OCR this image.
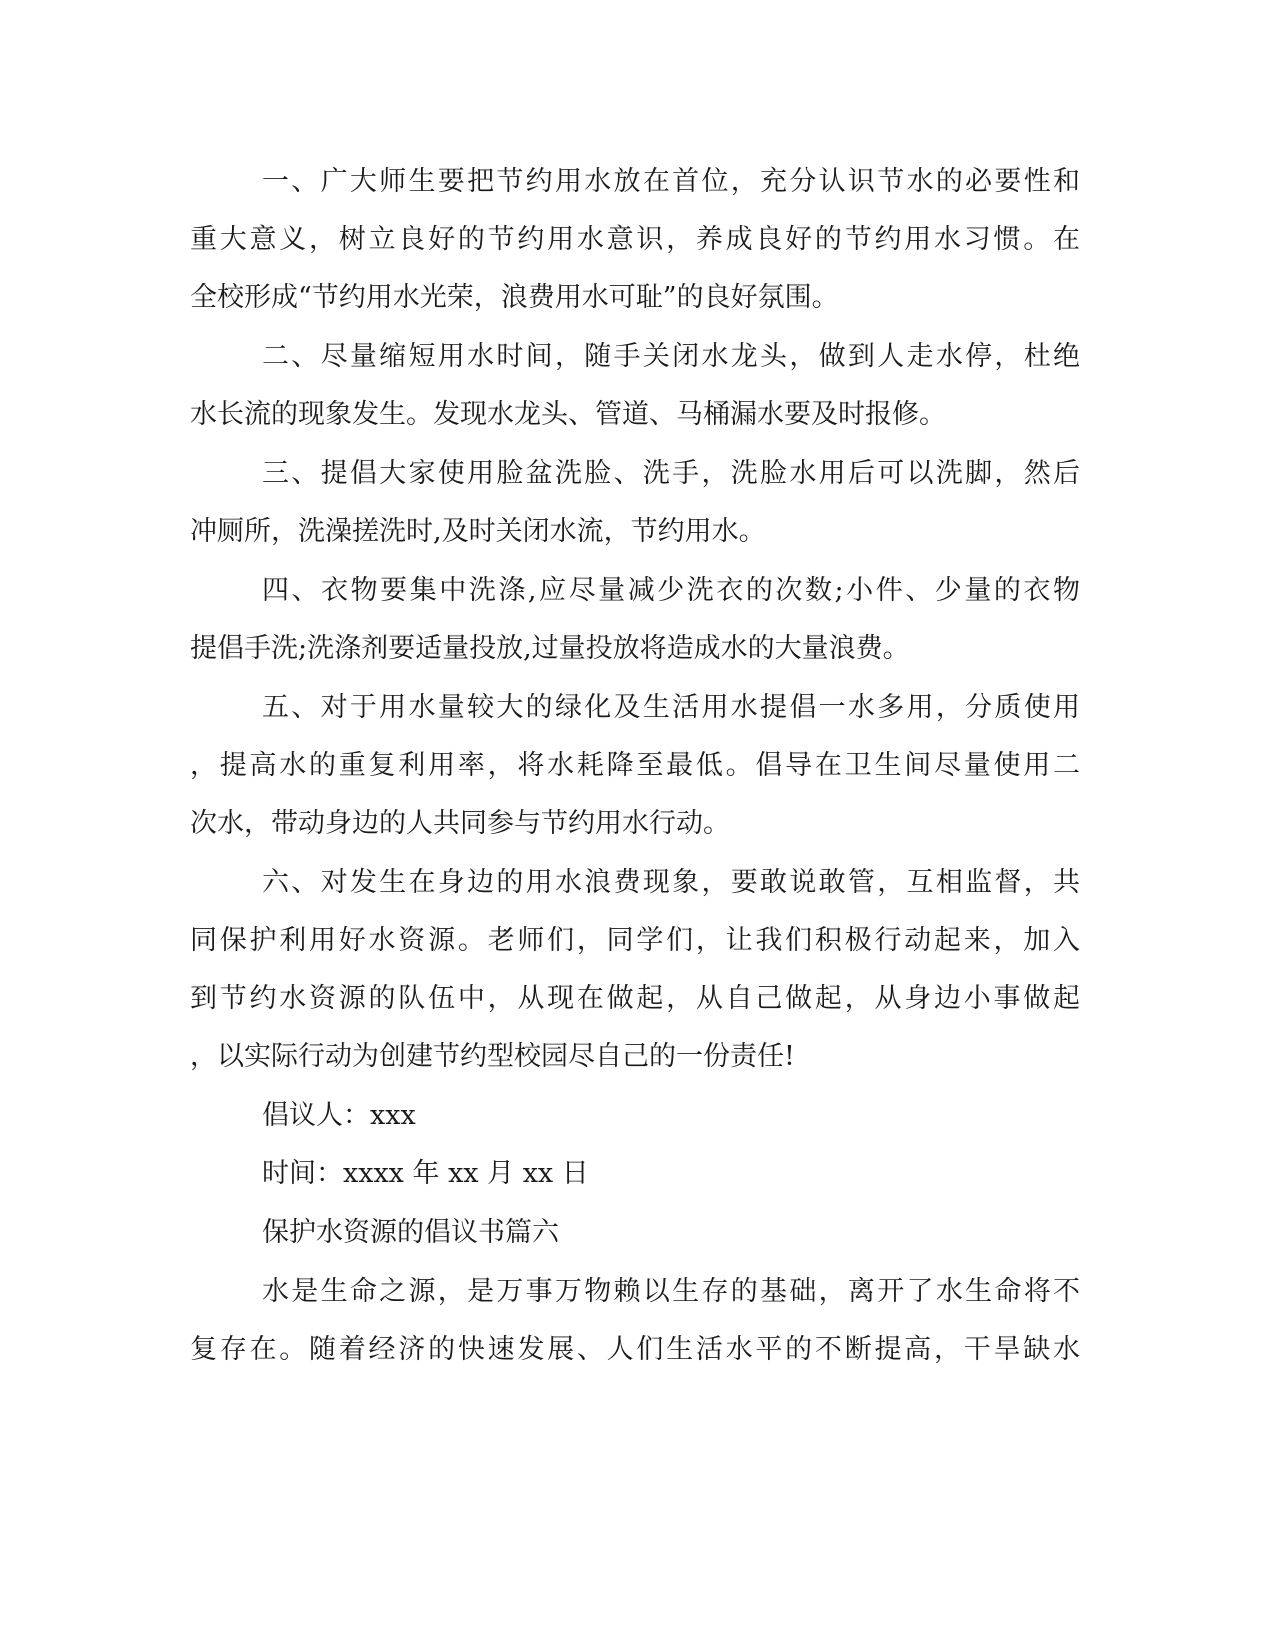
一、广大师生要把节约用水放在首位，充分认识节水的必要性和
重大意义，树立良好的节约用水意识，养成良好的节约用水习惯。在
全校形成“节约用水光荣，浪费用水可耻”的良好氛围。
二、尽量缩短用水时间，随手关闭水龙头，做到人走水停，杜绝
水长流的现象发生。发现水龙头、管道、马桶漏水要及时报修。
三、提倡大家使用脸盆洗脸、洗手，洗脸水用后可以洗脚，然后
冲厕所，洗澡搓洗时,及时关闭水流，节约用水。
四、衣物要集中洗涤,应尽量减少洗衣的次数;小件、少量的衣物
提倡手洗;洗涤剂要适量投放,过量投放将造成水的大量浪费。
五、对于用水量较大的绿化及生活用水提倡一水多用，分质使用
，提高水的重复利用率，将水耗降至最低。倡导在卫生间尽量使用二
次水，带动身边的人共同参与节约用水行动。
六、对发生在身边的用水浪费现象，要敢说敢管，互相监督，共
同保护利用好水资源。老师们，同学们，让我们积极行动起来，加入
到节约水资源的队伍中，从现在做起，从自己做起，从身边小事做起
，以实际行动为创建节约型校园尽自己的一份责任!
倡议人：xxx
时间：xxxx 年 xx 月 xx 日
保护水资源的倡议书篇六
水是生命之源，是万事万物赖以生存的基础，离开了水生命将不
复存在。随着经济的快速发展、人们生活水平的不断提高，干旱缺水
